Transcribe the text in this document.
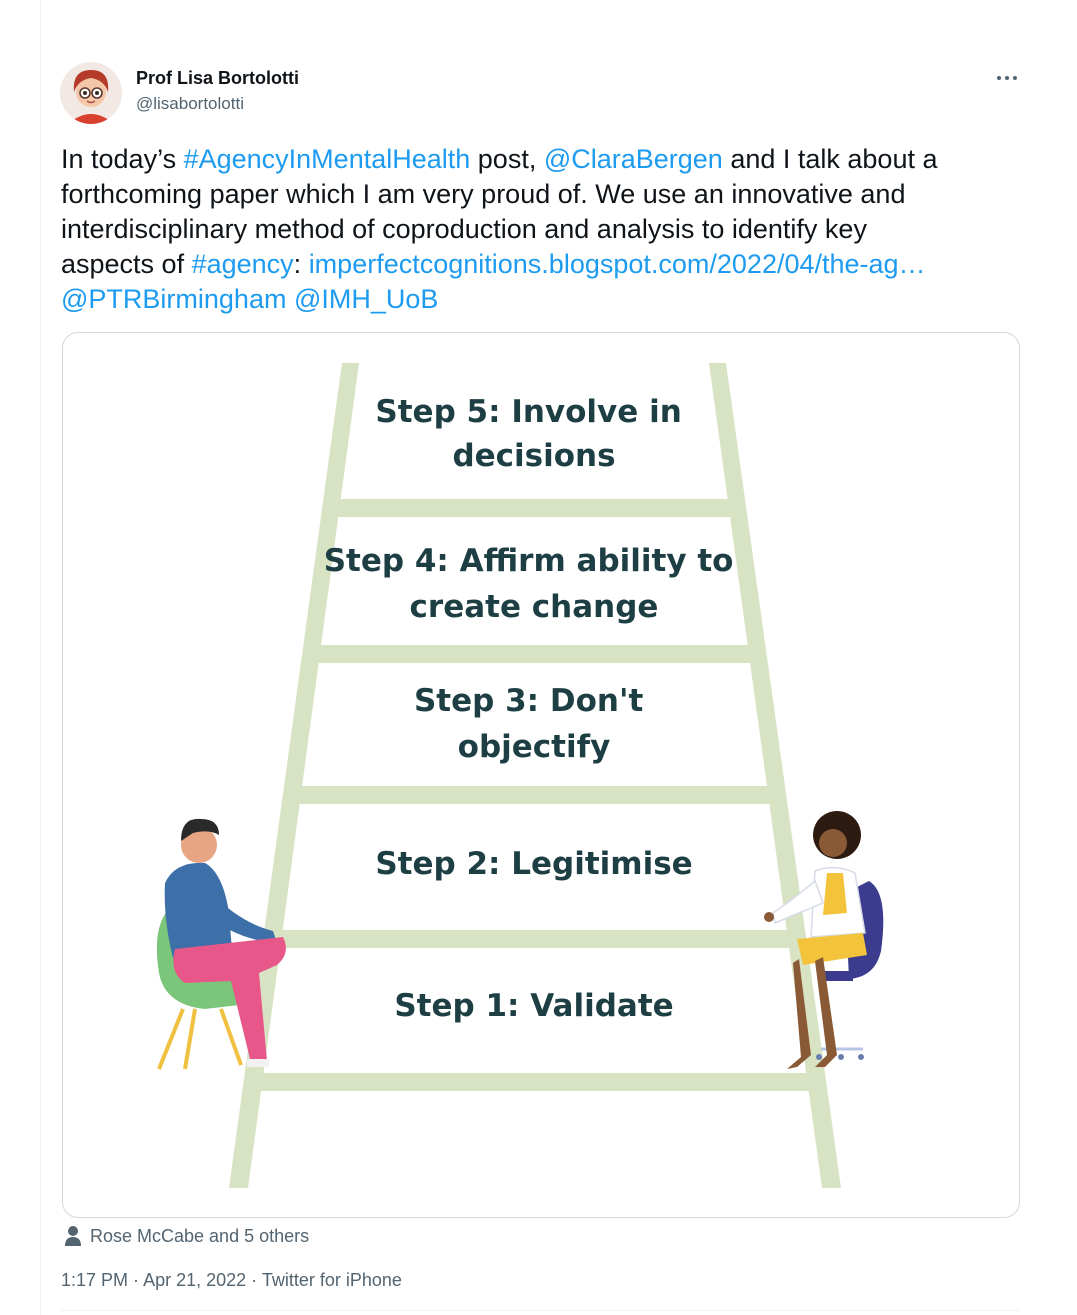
Prof Lisa Bortolotti
@lisabortolotti
In today’s #AgencyInMentalHealth post, @ClaraBergen and I talk about a
forthcoming paper which I am very proud of. We use an innovative and
interdisciplinary method of coproduction and analysis to identify key
aspects of #agency: imperfectcognitions.blogspot.com/2022/04/the-ag…
@PTRBirmingham @IMH_UoB
Step 5: Involve in decisions
Step 4: Affirm ability to create change
Step 3: Don't objectify
Step 2: Legitimise
Step 1: Validate
Rose McCabe and 5 others
1:17 PM · Apr 21, 2022 · Twitter for iPhone
